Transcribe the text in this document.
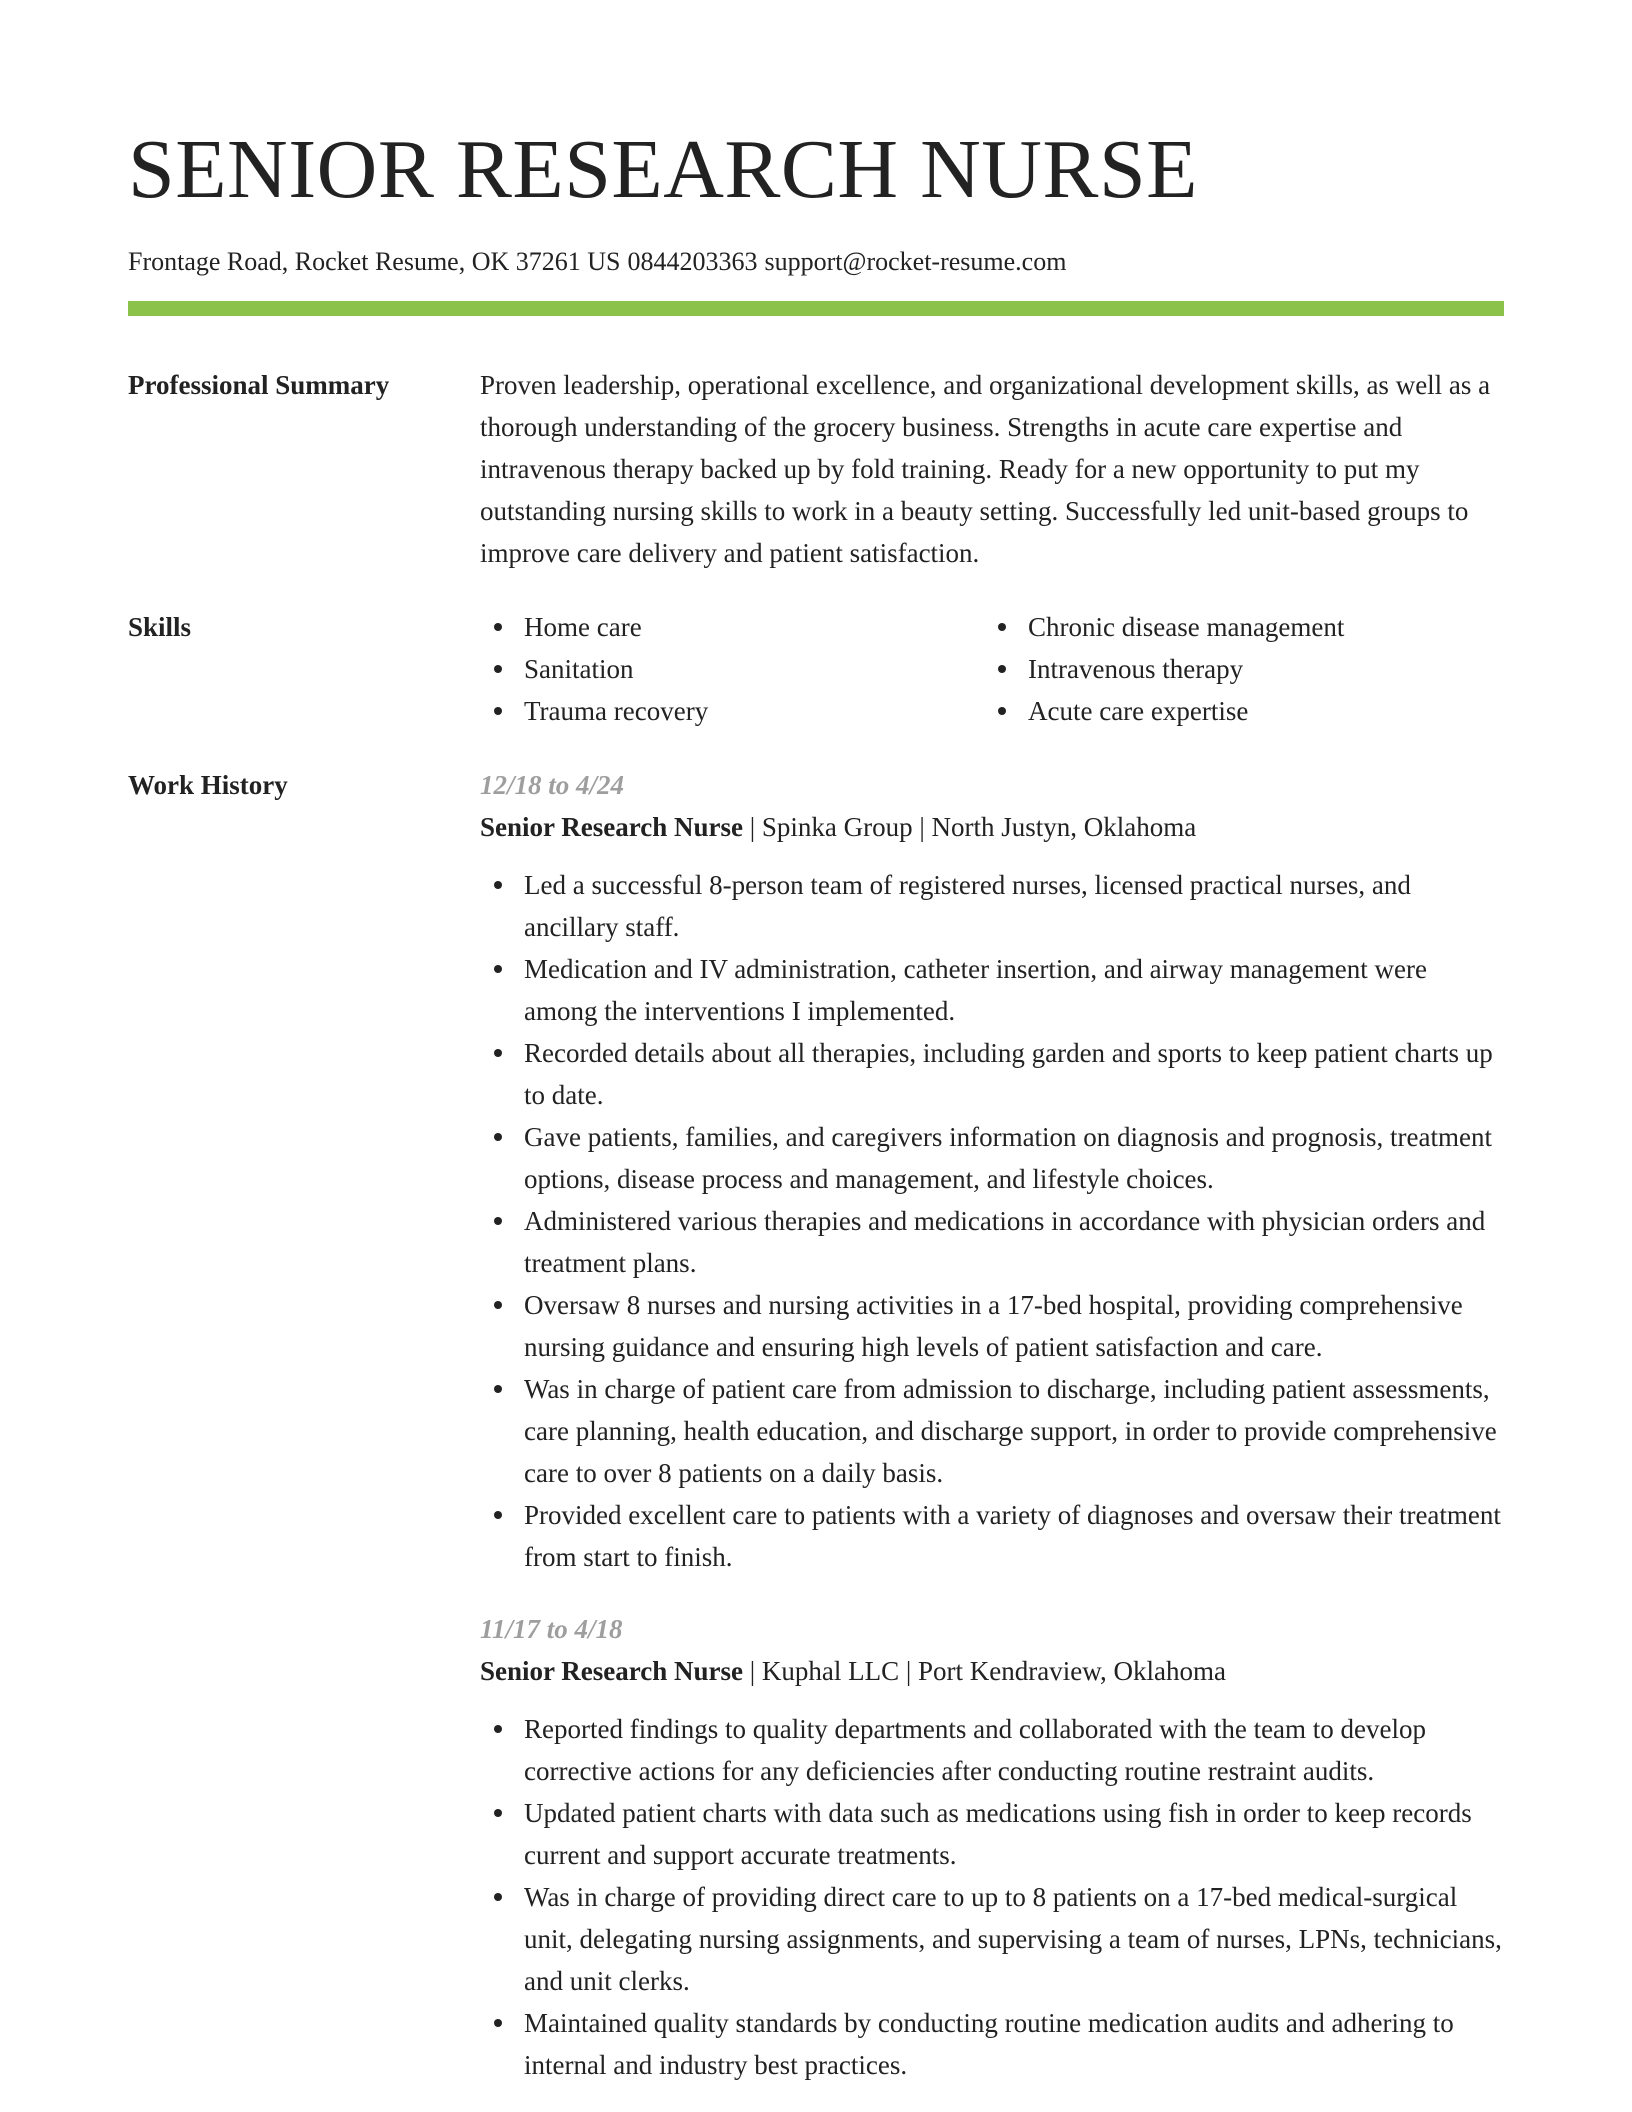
SENIOR RESEARCH NURSE
Frontage Road, Rocket Resume, OK 37261 US 0844203363 support@rocket-resume.com
Professional Summary	Proven leadership, operational excellence, and organizational development skills, as well as a thorough understanding of the grocery business. Strengths in acute care expertise and intravenous therapy backed up by fold training. Ready for a new opportunity to put my outstanding nursing skills to work in a beauty setting. Successfully led unit-based groups to improve care delivery and patient satisfaction.
Skills	Home care
Sanitation
Trauma recovery
Chronic disease management
Intravenous therapy
Acute care expertise
Work History	12/18 to 4/24
Senior Research Nurse | Spinka Group | North Justyn, Oklahoma
Led a successful 8-person team of registered nurses, licensed practical nurses, and ancillary staff.
Medication and IV administration, catheter insertion, and airway management were among the interventions I implemented.
Recorded details about all therapies, including garden and sports to keep patient charts up to date.
Gave patients, families, and caregivers information on diagnosis and prognosis, treatment options, disease process and management, and lifestyle choices.
Administered various therapies and medications in accordance with physician orders and treatment plans.
Oversaw 8 nurses and nursing activities in a 17-bed hospital, providing comprehensive nursing guidance and ensuring high levels of patient satisfaction and care.
Was in charge of patient care from admission to discharge, including patient assessments, care planning, health education, and discharge support, in order to provide comprehensive care to over 8 patients on a daily basis.
Provided excellent care to patients with a variety of diagnoses and oversaw their treatment from start to finish.
11/17 to 4/18
Senior Research Nurse | Kuphal LLC | Port Kendraview, Oklahoma
Reported findings to quality departments and collaborated with the team to develop corrective actions for any deficiencies after conducting routine restraint audits.
Updated patient charts with data such as medications using fish in order to keep records current and support accurate treatments.
Was in charge of providing direct care to up to 8 patients on a 17-bed medical-surgical unit, delegating nursing assignments, and supervising a team of nurses, LPNs, technicians, and unit clerks.
Maintained quality standards by conducting routine medication audits and adhering to internal and industry best practices.
